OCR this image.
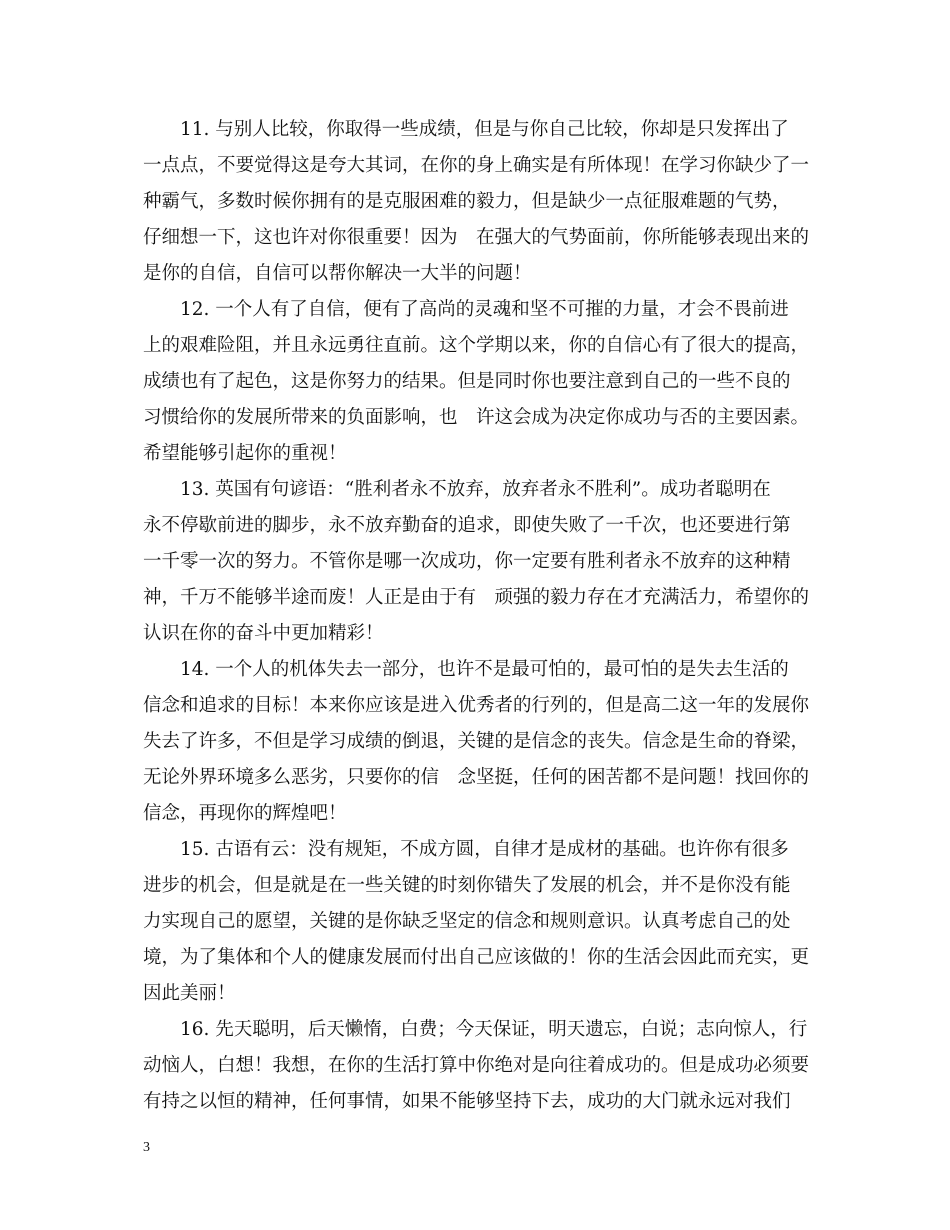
11. 与别人比较，你取得一些成绩，但是与你自己比较，你却是只发挥出了
一点点，不要觉得这是夸大其词，在你的身上确实是有所体现！在学习你缺少了一
种霸气，多数时候你拥有的是克服困难的毅力，但是缺少一点征服难题的气势，
仔细想一下，这也许对你很重要！因为　在强大的气势面前，你所能够表现出来的
是你的自信，自信可以帮你解决一大半的问题！
12. 一个人有了自信，便有了高尚的灵魂和坚不可摧的力量，才会不畏前进
上的艰难险阻，并且永远勇往直前。这个学期以来，你的自信心有了很大的提高，
成绩也有了起色，这是你努力的结果。但是同时你也要注意到自己的一些不良的
习惯给你的发展所带来的负面影响，也　许这会成为决定你成功与否的主要因素。
希望能够引起你的重视！
13. 英国有句谚语：“胜利者永不放弃，放弃者永不胜利”。成功者聪明在
永不停歇前进的脚步，永不放弃勤奋的追求，即使失败了一千次，也还要进行第
一千零一次的努力。不管你是哪一次成功，你一定要有胜利者永不放弃的这种精
神，千万不能够半途而废！人正是由于有　顽强的毅力存在才充满活力，希望你的
认识在你的奋斗中更加精彩！
14. 一个人的机体失去一部分，也许不是最可怕的，最可怕的是失去生活的
信念和追求的目标！本来你应该是进入优秀者的行列的，但是高二这一年的发展你
失去了许多，不但是学习成绩的倒退，关键的是信念的丧失。信念是生命的脊梁，
无论外界环境多么恶劣，只要你的信　念坚挺，任何的困苦都不是问题！找回你的
信念，再现你的辉煌吧！
15. 古语有云：没有规矩，不成方圆，自律才是成材的基础。也许你有很多
进步的机会，但是就是在一些关键的时刻你错失了发展的机会，并不是你没有能
力实现自己的愿望，关键的是你缺乏坚定的信念和规则意识。认真考虑自己的处
境，为了集体和个人的健康发展而付出自己应该做的！你的生活会因此而充实，更
因此美丽！
16. 先天聪明，后天懒惰，白费；今天保证，明天遗忘，白说；志向惊人，行
动恼人，白想！我想，在你的生活打算中你绝对是向往着成功的。但是成功必须要
有持之以恒的精神，任何事情，如果不能够坚持下去，成功的大门就永远对我们
3
